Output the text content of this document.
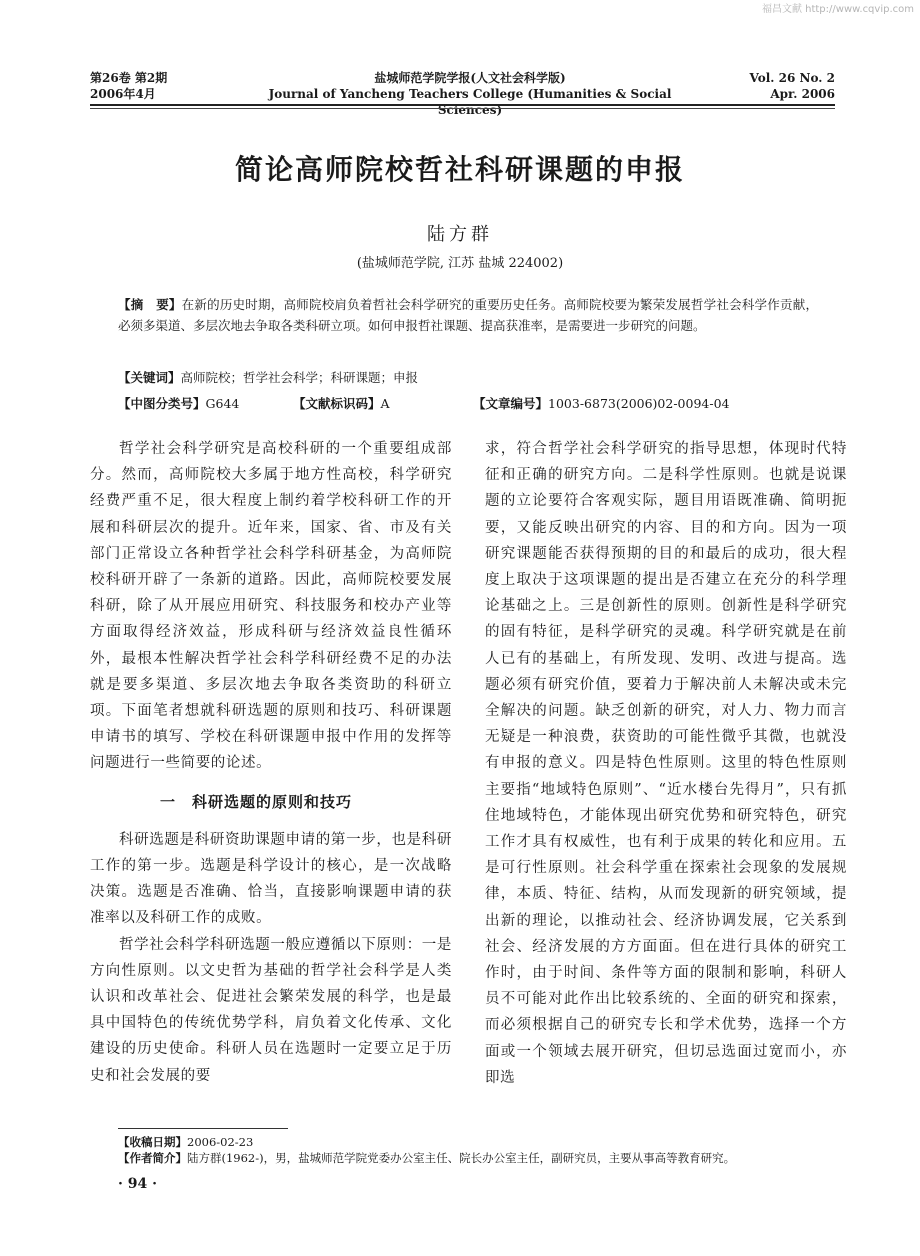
福昌文献 http://www.cqvip.com
第26卷 第2期
2006年4月
盐城师范学院学报(人文社会科学版)
Journal of Yancheng Teachers College (Humanities & Social Sciences)
Vol. 26 No. 2
Apr. 2006
简论高师院校哲社科研课题的申报
陆方群
(盐城师范学院, 江苏 盐城 224002)
【摘　要】在新的历史时期，高师院校肩负着哲社会科学研究的重要历史任务。高师院校要为繁荣发展哲学社会科学作贡献，必须多渠道、多层次地去争取各类科研立项。如何申报哲社课题、提高获准率，是需要进一步研究的问题。
【关键词】高师院校；哲学社会科学；科研课题；申报
【中图分类号】G644	【文献标识码】A	【文章编号】1003-6873(2006)02-0094-04

哲学社会科学研究是高校科研的一个重要组成部分。然而，高师院校大多属于地方性高校，科学研究经费严重不足，很大程度上制约着学校科研工作的开展和科研层次的提升。近年来，国家、省、市及有关部门正常设立各种哲学社会科学科研基金，为高师院校科研开辟了一条新的道路。因此，高师院校要发展科研，除了从开展应用研究、科技服务和校办产业等方面取得经济效益，形成科研与经济效益良性循环外，最根本性解决哲学社会科学科研经费不足的办法就是要多渠道、多层次地去争取各类资助的科研立项。下面笔者想就科研选题的原则和技巧、科研课题申请书的填写、学校在科研课题申报中作用的发挥等问题进行一些简要的论述。

一　科研选题的原则和技巧

科研选题是科研资助课题申请的第一步，也是科研工作的第一步。选题是科学设计的核心，是一次战略决策。选题是否准确、恰当，直接影响课题申请的获准率以及科研工作的成败。

哲学社会科学科研选题一般应遵循以下原则：一是方向性原则。以文史哲为基础的哲学社会科学是人类认识和改革社会、促进社会繁荣发展的科学，也是最具中国特色的传统优势学科，肩负着文化传承、文化建设的历史使命。科研人员在选题时一定要立足于历史和社会发展的要

求，符合哲学社会科学研究的指导思想，体现时代特征和正确的研究方向。二是科学性原则。也就是说课题的立论要符合客观实际，题目用语既准确、简明扼要，又能反映出研究的内容、目的和方向。因为一项研究课题能否获得预期的目的和最后的成功，很大程度上取决于这项课题的提出是否建立在充分的科学理论基础之上。三是创新性的原则。创新性是科学研究的固有特征，是科学研究的灵魂。科学研究就是在前人已有的基础上，有所发现、发明、改进与提高。选题必须有研究价值，要着力于解决前人未解决或未完全解决的问题。缺乏创新的研究，对人力、物力而言无疑是一种浪费，获资助的可能性微乎其微，也就没有申报的意义。四是特色性原则。这里的特色性原则主要指“地域特色原则”、“近水楼台先得月”，只有抓住地域特色，才能体现出研究优势和研究特色，研究工作才具有权威性，也有利于成果的转化和应用。五是可行性原则。社会科学重在探索社会现象的发展规律，本质、特征、结构，从而发现新的研究领域，提出新的理论，以推动社会、经济协调发展，它关系到社会、经济发展的方方面面。但在进行具体的研究工作时，由于时间、条件等方面的限制和影响，科研人员不可能对此作出比较系统的、全面的研究和探索，而必须根据自己的研究专长和学术优势，选择一个方面或一个领域去展开研究，但切忌选面过宽而小，亦即选

【收稿日期】2006-02-23
【作者简介】陆方群(1962-)，男，盐城师范学院党委办公室主任、院长办公室主任，副研究员，主要从事高等教育研究。
· 94 ·
